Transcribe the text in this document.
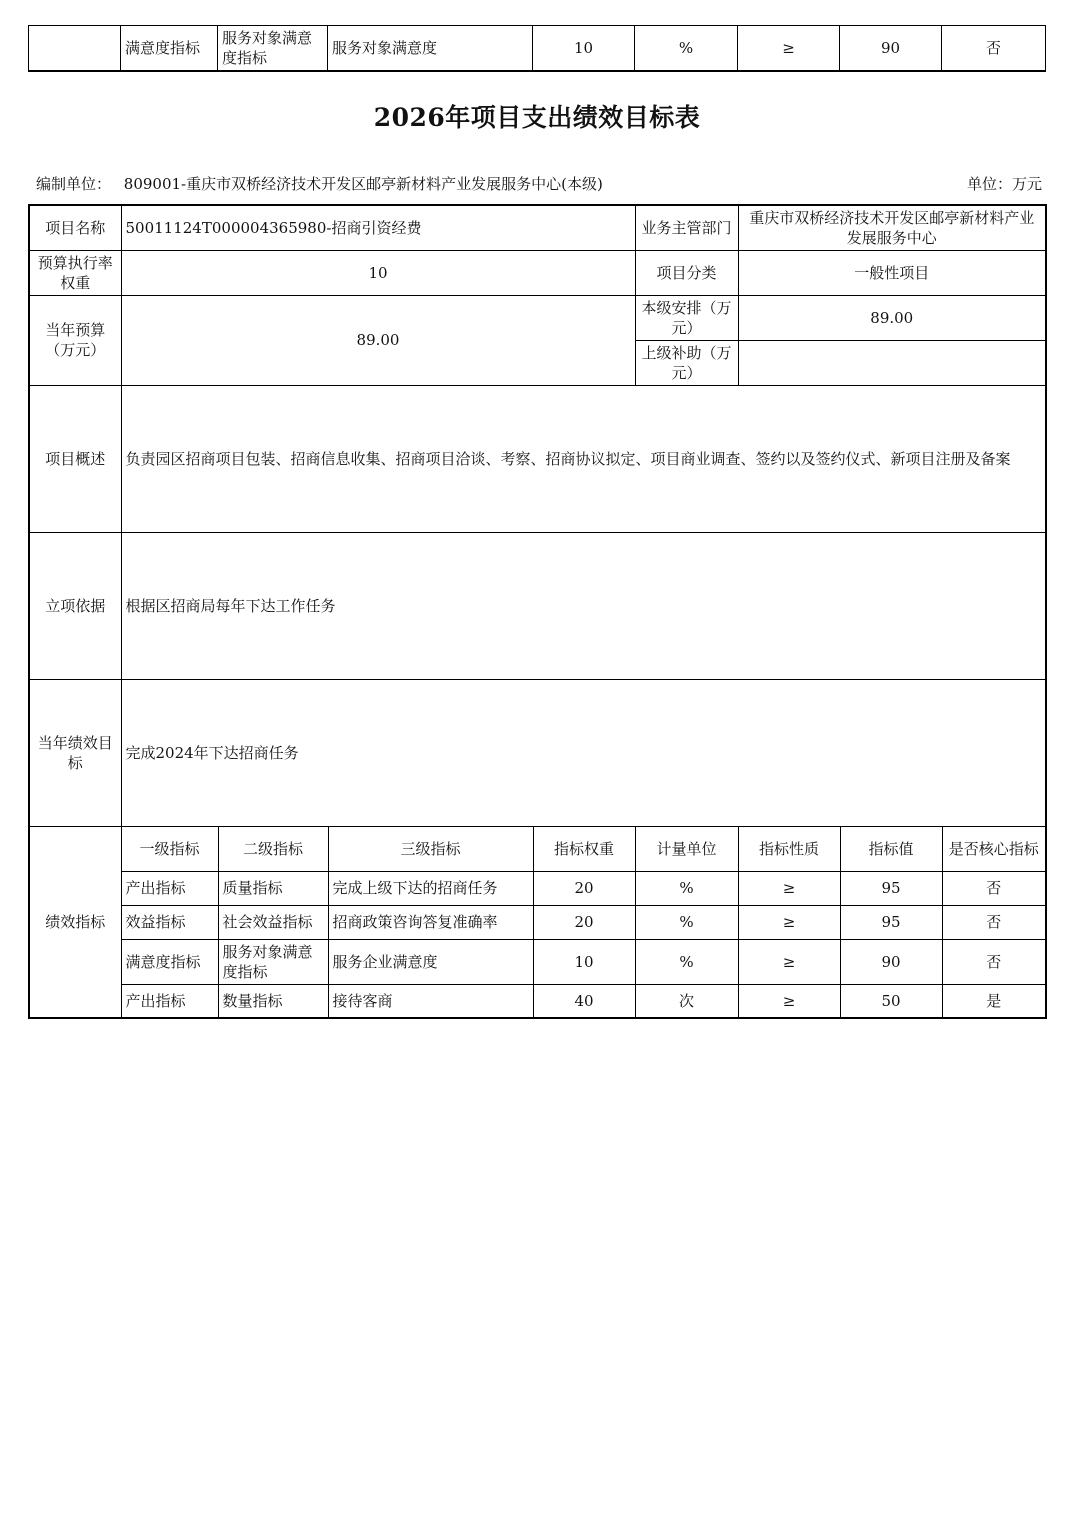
	满意度指标	服务对象满意度指标	服务对象满意度	10	%	≥	90	否
2026年项目支出绩效目标表
编制单位： 809001-重庆市双桥经济技术开发区邮亭新材料产业发展服务中心(本级)	单位：万元
项目名称	50011124T000004365980-招商引资经费				业务主管部门	重庆市双桥经济技术开发区邮亭新材料产业发展服务中心		
预算执行率权重	10				项目分类	一般性项目		
当年预算（万元）	89.00				本级安排（万元）	89.00		
					上级补助（万元）			
项目概述	负责园区招商项目包装、招商信息收集、招商项目洽谈、考察、招商协议拟定、项目商业调查、签约以及签约仪式、新项目注册及备案							
立项依据	根据区招商局每年下达工作任务							
当年绩效目标	完成2024年下达招商任务							
绩效指标	一级指标	二级指标	三级指标	指标权重	计量单位	指标性质	指标值	是否核心指标
	产出指标	质量指标	完成上级下达的招商任务	20	%	≥	95	否
	效益指标	社会效益指标	招商政策咨询答复准确率	20	%	≥	95	否
	满意度指标	服务对象满意度指标	服务企业满意度	10	%	≥	90	否
	产出指标	数量指标	接待客商	40	次	≥	50	是
